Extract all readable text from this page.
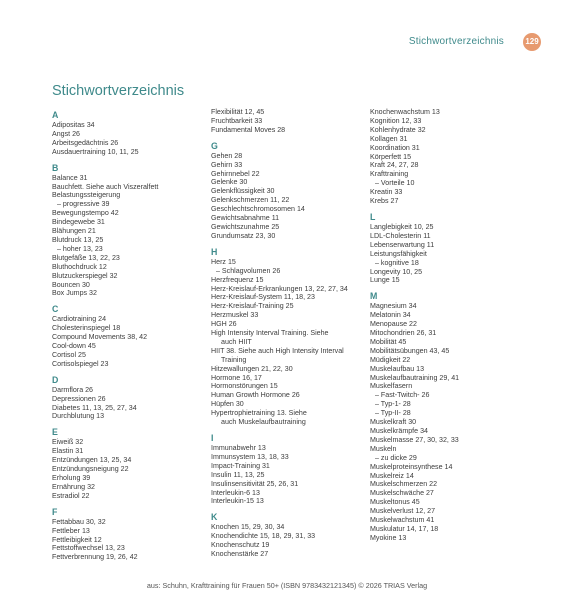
Stichwortverzeichnis	129
Stichwortverzeichnis
A
Adipositas 34
Angst 26
Arbeitsgedächtnis 26
Ausdauertraining 10, 11, 25
B
Balance 31
Bauchfett. Siehe auch Viszeralfett
Belastungssteigerung
– progressive 39
Bewegungstempo 42
Bindegewebe 31
Blähungen 21
Blutdruck 13, 25
– hoher 13, 23
Blutgefäße 13, 22, 23
Bluthochdruck 12
Blutzuckerspiegel 32
Bouncen 30
Box Jumps 32
C
Cardiotraining 24
Cholesterinspiegel 18
Compound Movements 38, 42
Cool-down 45
Cortisol 25
Cortisolspiegel 23
D
Darmflora 26
Depressionen 26
Diabetes 11, 13, 25, 27, 34
Durchblutung 13
E
Eiweiß 32
Elastin 31
Entzündungen 13, 25, 34
Entzündungsneigung 22
Erholung 39
Ernährung 32
Estradiol 22
F
Fettabbau 30, 32
Fettleber 13
Fettleibigkeit 12
Fettstoffwechsel 13, 23
Fettverbrennung 19, 26, 42
Flexibilität 12, 45
Fruchtbarkeit 33
Fundamental Moves 28
G
Gehen 28
Gehirn 33
Gehirnnebel 22
Gelenke 30
Gelenkflüssigkeit 30
Gelenkschmerzen 11, 22
Geschlechtschromosomen 14
Gewichtsabnahme 11
Gewichtszunahme 25
Grundumsatz 23, 30
H
Herz 15
– Schlagvolumen 26
Herzfrequenz 15
Herz-Kreislauf-Erkrankungen 13, 22, 27, 34
Herz-Kreislauf-System 11, 18, 23
Herz-Kreislauf-Training 25
Herzmuskel 33
HGH 26
High Intensity Interval Training. Siehe
auch HIIT
HIIT 38. Siehe auch High Intensity Interval
Training
Hitzewallungen 21, 22, 30
Hormone 16, 17
Hormonstörungen 15
Human Growth Hormone 26
Hüpfen 30
Hypertrophietraining 13. Siehe
auch Muskelaufbautraining
I
Immunabwehr 13
Immunsystem 13, 18, 33
Impact-Training 31
Insulin 11, 13, 25
Insulinsensitivität 25, 26, 31
Interleukin-6 13
Interleukin-15 13
K
Knochen 15, 29, 30, 34
Knochendichte 15, 18, 29, 31, 33
Knochenschutz 19
Knochenstärke 27
Knochenwachstum 13
Kognition 12, 33
Kohlenhydrate 32
Kollagen 31
Koordination 31
Körperfett 15
Kraft 24, 27, 28
Krafttraining
– Vorteile 10
Kreatin 33
Krebs 27
L
Langlebigkeit 10, 25
LDL-Cholesterin 11
Lebenserwartung 11
Leistungsfähigkeit
– kognitive 18
Longevity 10, 25
Lunge 15
M
Magnesium 34
Melatonin 34
Menopause 22
Mitochondrien 26, 31
Mobilität 45
Mobilitätsübungen 43, 45
Müdigkeit 22
Muskelaufbau 13
Muskelaufbautraining 29, 41
Muskelfasern
– Fast-Twitch- 26
– Typ-1- 28
– Typ-II- 28
Muskelkraft 30
Muskelkrämpfe 34
Muskelmasse 27, 30, 32, 33
Muskeln
– zu dicke 29
Muskelproteinsynthese 14
Muskelreiz 14
Muskelschmerzen 22
Muskelschwäche 27
Muskeltonus 45
Muskelverlust 12, 27
Muskelwachstum 41
Muskulatur 14, 17, 18
Myokine 13
aus: Schuhn, Krafttraining für Frauen 50+ (ISBN 9783432121345) © 2026 TRIAS Verlag
